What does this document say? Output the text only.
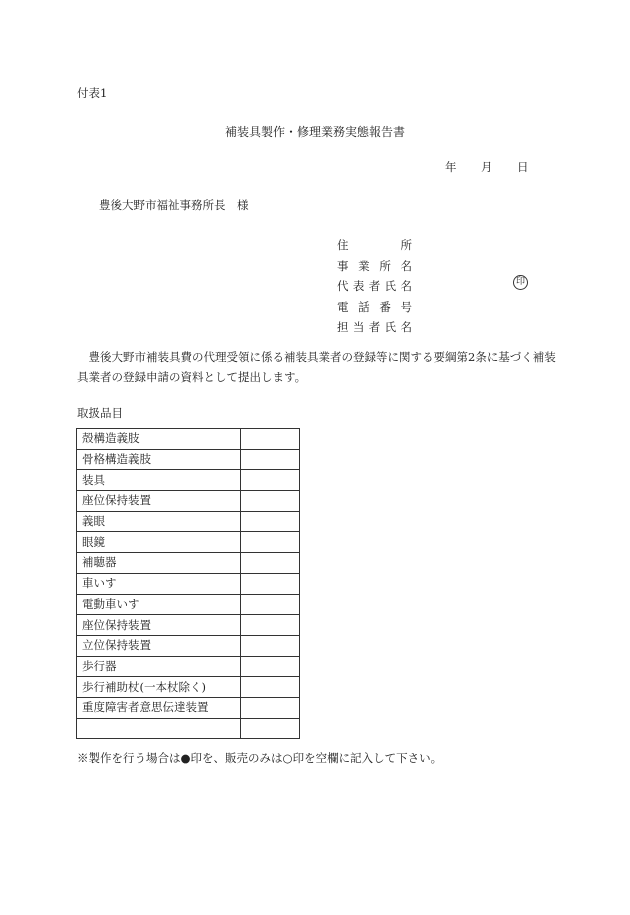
付表1
補装具製作・修理業務実態報告書
年 月 日
豊後大野市福祉事務所長　様
住所
事業所名
代表者氏名
電話番号
担当者氏名
印
　豊後大野市補装具費の代理受領に係る補装具業者の登録等に関する要綱第2条に基づく補装具業者の登録申請の資料として提出します。
取扱品目
殻構造義肢	
骨格構造義肢	
装具	
座位保持装置	
義眼	
眼鏡	
補聴器	
車いす	
電動車いす	
座位保持装置	
立位保持装置	
歩行器	
歩行補助杖(一本杖除く)	
重度障害者意思伝達装置	

※製作を行う場合は●印を、販売のみは○印を空欄に記入して下さい。
